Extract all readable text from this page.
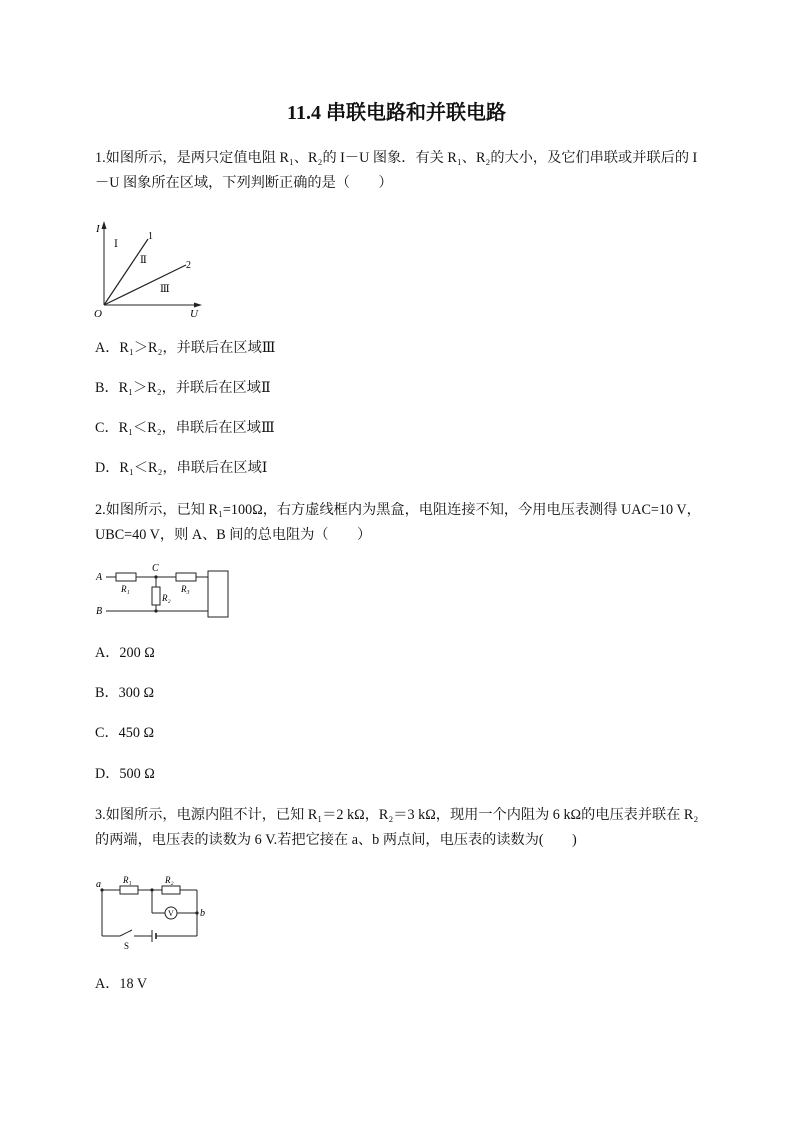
11.4 串联电路和并联电路
1.如图所示，是两只定值电阻 R₁、R₂的 I－U 图象．有关 R₁、R₂的大小，及它们串联或并联后的 I
－U 图象所在区域，下列判断正确的是（　　）
I
U
O
1
2
Ⅰ
Ⅱ
Ⅲ
A．R₁＞R₂，并联后在区域Ⅲ
B．R₁＞R₂，并联后在区域Ⅱ
C．R₁＜R₂，串联后在区域Ⅲ
D．R₁＜R₂，串联后在区域Ⅰ
2.如图所示，已知 R₁=100Ω，右方虚线框内为黑盒，电阻连接不知，今用电压表测得 UAC=10 V，
UBC=40 V，则 A、B 间的总电阻为（　　）
A
B
C
R₁
R₂
R₃
A．200 Ω
B．300 Ω
C．450 Ω
D．500 Ω
3.如图所示，电源内阻不计，已知 R₁＝2 kΩ，R₂＝3 kΩ，现用一个内阻为 6 kΩ的电压表并联在 R₂
的两端，电压表的读数为 6 V.若把它接在 a、b 两点间，电压表的读数为(　　)
a
b
R₁	R₂
V
S
A．18 V
